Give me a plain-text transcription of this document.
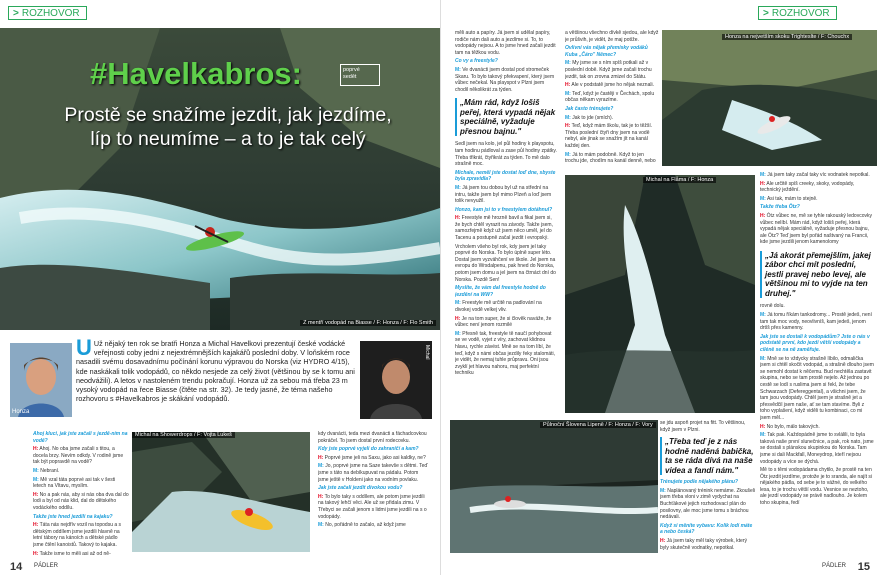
> ROZHOVOR
#Havelkabros:	poprvé
sedět
Prostě se snažíme jezdit, jak jezdíme,
líp to neumíme – a to je tak celý
Z mentří vodopád na Biasse / F: Honza / F: Flo Smith
Honza
U Už nějaký ten rok se bratři Honza a Michal Havelkovi prezentují české vodácké veřejnosti coby jedni z nejextrémnějších kajakářů poslední doby. V loňském roce nasadili svému dosavadnímu počínání korunu výpravou do Norska (viz HYDRO 4/15), kde naskákali tolik vodopádů, co někdo nesjede za celý život (většinou by se k tomu ani neodvážili). A letos v nastoleném trendu pokračují. Honza už za sebou má třeba 23 m vysoký vodopád na řece Biasse (čtěte na str. 32). Je tedy jasné, že téma našeho rozhovoru s #Havelkabros je skákání vodopádů.
Michal

Ahoj kluci, jak jste začali s jezdě-ním na vodě?

H: Ahoj. No oba jsme začali s titou, a docela brzy. Nevím odkdy. V rodině jsme tak být popravdě na vodě?

M: Nebraní.

M: Mě vzal táta poprvé asi tak v šesti letech na Vltavu, myslím.

H: No a pak nás, aby si nás oba dva dal do lodi a byl od nás klid, dal do dětského vodáckého oddílu.

Takže jste hned jezdili na kajaku?

H: Táta nás nejdřív vozil na topodsu a s dětským oddílem jsme jezdili hlavně na letní tábory na kánoích a dětské pádlo jsme čtění kanoistů. Takový to kajaka.

H: Takže jsme to měli asi až od ně-

Michal na Showerdrops / F: Vojta Lukeš	kdy dvanácti, teda mezi dvanácti a fáchadcovkou pokráčel. To jsem dostal první rodecovku.

Kdy jste poprvé vyjeli do zahraničí a kam?

H: Poprvé jsme jeli na Saxu, jako asi kaldky, ne?

M: Jo, poprvé jsme na Saze takevše s dětmi. Teď jsme s táto na debíkupuvat na pádalu. Potom jsme ještě v Holdeni jako na vodním povlaku.

Jak jste začali jezdit divokou vodu?

H: To bylo taky s oddílem, ale potom jsme jezdili na takový lehčí věci. Ale už se přidala zimu. V Třebyci se začali jenom s lidmi jsme jezdili na s o vodopády.

M: No, pořádně to začalo, až když jsme

14 PÁDLER
> ROZHOVOR

měli auto a papíry. Já jsem si udělal papíry, rodiče nám dali auto a jezdíme si. To, to vodopády nejsou. A to jsme hned začali jezdit tam na těžkou vodu.

Co vy a freestyle?

M: Ve dvanácti jsem dostal pod stromeček Skaru. To bylo takový překvapení, který jsem vůbec nečekal. Na playspot v Plzni jsem chodil několikrát za týden.

„Mám rád, když lošiš peřej, která vypadá nějak speciálně, vyžaduje přesnou bajnu."

Sedl jsem na kolo, jel půl hodiny k playspotu, tam hodinu pádloval a zase půl hodiny zpátky. Třeba třikrát, čtyřikrát za týden. To mě dalo strašně moc.

Michale, neměl jste dostat loď dne, sbyste byla zpravidla?

M: Já jsem tou dobou byl už na střední na intru, takže jsem byl mimo Plzeň a loď jsem tolik nevyužil.

Honzo, kam jsi to v freestylem dotáhnul?

H: Freestyle mě hrozně bavil a fikal jsem si, že bych chtěl vyrazit na závody. Takže jsem, samozřejmě když už jsem něco uměl, jel do Tacenu a postupně začal jezdit i evropský.

Vrcholem všeho byl rok, kdy jsem jel taky poprvé do Norska. To bylo úplně super léto. Dostal jsem vyzváhčení ve škole. Jel jsem na evropu do Wrsdalpenu, pak hned do Norska, potom jsem domu a jel jsem na čtrnáct dní do Norska. Pozdě Sen!

Myslíte, že vám dal freestyle hodně do jezdění na WW?

M: Freestyle mě určitě na padlování na divokej vodě velkej vliv.

H: Je na tom super, že si člověk naváže, že vůbec není jenom rozmilé

M: Přesně tak, freestyle tě naučí pohybovat se ve vodě, vyjet z víry, zachovat klidnou hlavu, rychle závést. Mně se na tom líbí, že teď, když s námi občas jezdily řeky stalomáti, je vidět, že nemaj tuhle průpravu. Oni jsou zvyklí jet hlavou nahoru, maj perfektní techniku

a většinou všechno dívkě sjedou, ale když je průšvih, je vidět, že maj potíže.

Ovlivní vás nějak přemisky vodáků Kuba „Čáro" Němec?

M: My jsme se s ním spíš potkali až v poslední době. Když jsme začali trochu jezdit, tak on zrovna zmizel do Státu.

H: Ale v podstatě jsme ho nějak neznali.

M: Teď, když je častěji v Čechách, spolu občas někam vyrazíme.

Jak často trénujete?

M: Jak to jde (smích).

H: Teď, když mám školu, tak je to těžší. Třeba poslední čtyři dny jsem na vodě nebyl, ale jinak se snažím jít na kanál každej den.

M: Já to mám podobně. Když to jen trochu jde, chodím na kanál denně, nebo

Honza na nejvetším skoku Trighteslte / F: Chouchx
Michal na Flåma / F: Honza

M: Já jsem taky začal taky víc vodnatek nepotkal.

H: Ale určitě spíš creeky, skoky, vodopády, technický ježdění.

M: Asi tak, mám to stejně.

Takže třeba Ötz?

H: Ótz vůbec ne, mě se tyhle rakouský ledovcovky vůbec nelíbí. Mám rád, když lošiš peřej, která vypadá nějak speciálně, vyžaduje přesnou bajnu, ale Ötz? Teď jsem byl pořád naštvaný na Francii, kde jsme jezdili jenom kamenolomy

„Já akorát přemejšlím, jakej zábor chci mít poslední, jestli pravej nebo levej, ale většinou mi to vyjde na ten druhej."

rovně dolu.

M: Já tomu říkám tankodromy... Prostě jedeš, není tam tak moc vody, neovlivníš, kam jedeš, jenom drtíš přes kamenny.

Jak jste se dostali k vodopádům? Jste o nás v podstatě první, kdo jezdí větší vodopády a ciléně se na ně zaměřuje.

M: Mně se to vždycky strašně líbilo, odmalička jsem si chtěl skočit vodopád, a strašně dlouho jsem se nemohl dostat k něčemu. Bud nechtěla zastavit skupina, nebo se tam prostě nejelo. Až jednou po cestě se lodí s ruslima jsem si řekl, že tebe Schwarzach (Defereggental), a všichni jsem, že tam jsou vodopády. Chtěl jsem je strašně jet a přesvědčil jsem naše, ať se tam stavíme. Byli z toho vyplašení, když viděli tu kombinaci, co mi jsem měl...

H: No bylo, málo takových.

M: Tak pak. Každopádně jsme to svlálili, to byla taková naše první slunečnice, a pak, rok nato, jsme se dostali s plánskou skupinkou do Norska. Tam jsme si dali Mackfall, Moneydrop, kteří nejsou vodopády a více se dýchá.

Mě to s těmi vodopádama chytilo, že prostě na ten Ötz jezdit jezdíme, protože je to sranda, ale najít si nějakého pádla, od sebe je to vážné, do velkého lesa, to je trochu větší vodu. Vesnice se neztoho, ale jezdí vodopády se právě nadlouho. Je kolem toho skupina, fedí

Půlnoční Šlovena Lipeně / F: Honza / F: Vory	se jdu aspoň projet na fitt. To většinou, když jsem v Plzni.

„Třeba teď je z nás hodně naděná babička, ta se ráda dívá na naše videa a fandí nám."

Trénujete podle nějakého plánu?

M: Naplánovaný trénink nemáme. Zkoušeli jsem třeba vloni v zimě vydychat na Buchťákové jejich rozhodovací plán do posilovny, ale moc jsme tomu s bráchou nedávali.

Když si měníte vybavu: Kolik lodí máte a nebo česká?

H: Já jsem taky měl taky výrobek, který byly skutečně vodnatky, nepotkal.

PÁDLER 15
